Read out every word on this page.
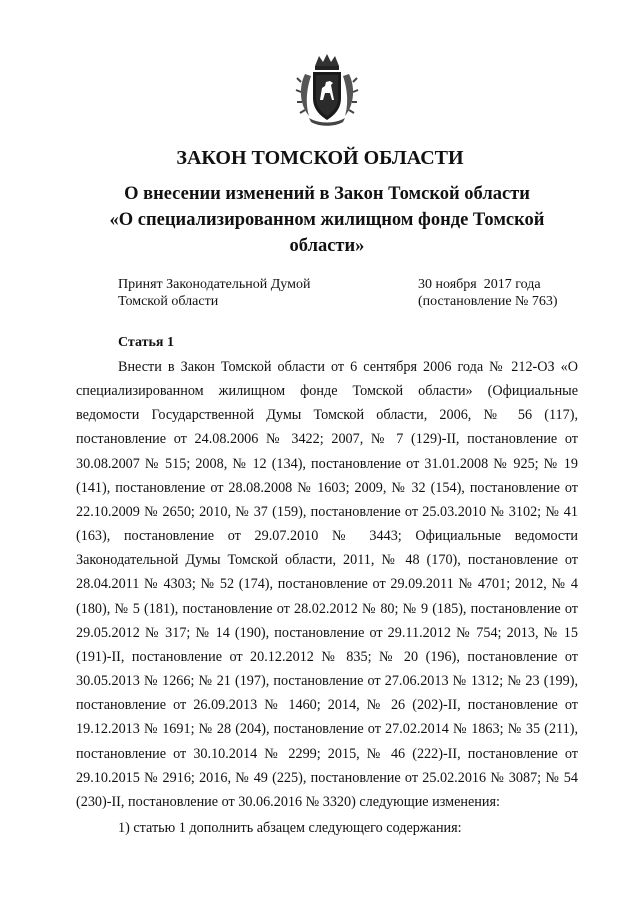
ЗАКОН ТОМСКОЙ ОБЛАСТИ
О внесении изменений в Закон Томской области
«О специализированном жилищном фонде Томской
области»
Принят Законодательной Думой
Томской области
30 ноября  2017 года
(постановление № 763)
Статья 1

Внести в Закон Томской области от 6 сентября 2006 года № 212-ОЗ «О специализированном жилищном фонде Томской области» (Официальные ведомости Государственной Думы Томской области, 2006, № 56 (117), постановление от 24.08.2006 № 3422; 2007, № 7 (129)-II, постановление от 30.08.2007 № 515; 2008, № 12 (134), постановление от 31.01.2008 № 925; № 19 (141), постановление от 28.08.2008 № 1603; 2009, № 32 (154), постановление от 22.10.2009 № 2650; 2010, № 37 (159), постановление от 25.03.2010 № 3102; № 41 (163), постановление от 29.07.2010 № 3443; Официальные ведомости Законодательной Думы Томской области, 2011, № 48 (170), постановление от 28.04.2011 № 4303; № 52 (174), постановление от 29.09.2011 № 4701; 2012, № 4 (180), № 5 (181), постановление от 28.02.2012 № 80; № 9 (185), постановление от 29.05.2012 № 317; № 14 (190), постановление от 29.11.2012 № 754; 2013, № 15 (191)-II, постановление от 20.12.2012 № 835; № 20 (196), постановление от 30.05.2013 № 1266; № 21 (197), постановление от 27.06.2013 № 1312; № 23 (199), постановление от 26.09.2013 № 1460; 2014, № 26 (202)-II, постановление от 19.12.2013 № 1691; № 28 (204), постановление от 27.02.2014 № 1863; № 35 (211), постановление от 30.10.2014 № 2299; 2015, № 46 (222)-II, постановление от 29.10.2015 № 2916; 2016, № 49 (225), постановление от 25.02.2016 № 3087; № 54 (230)-II, постановление от 30.06.2016 № 3320) следующие изменения:

1) статью 1 дополнить абзацем следующего содержания:
